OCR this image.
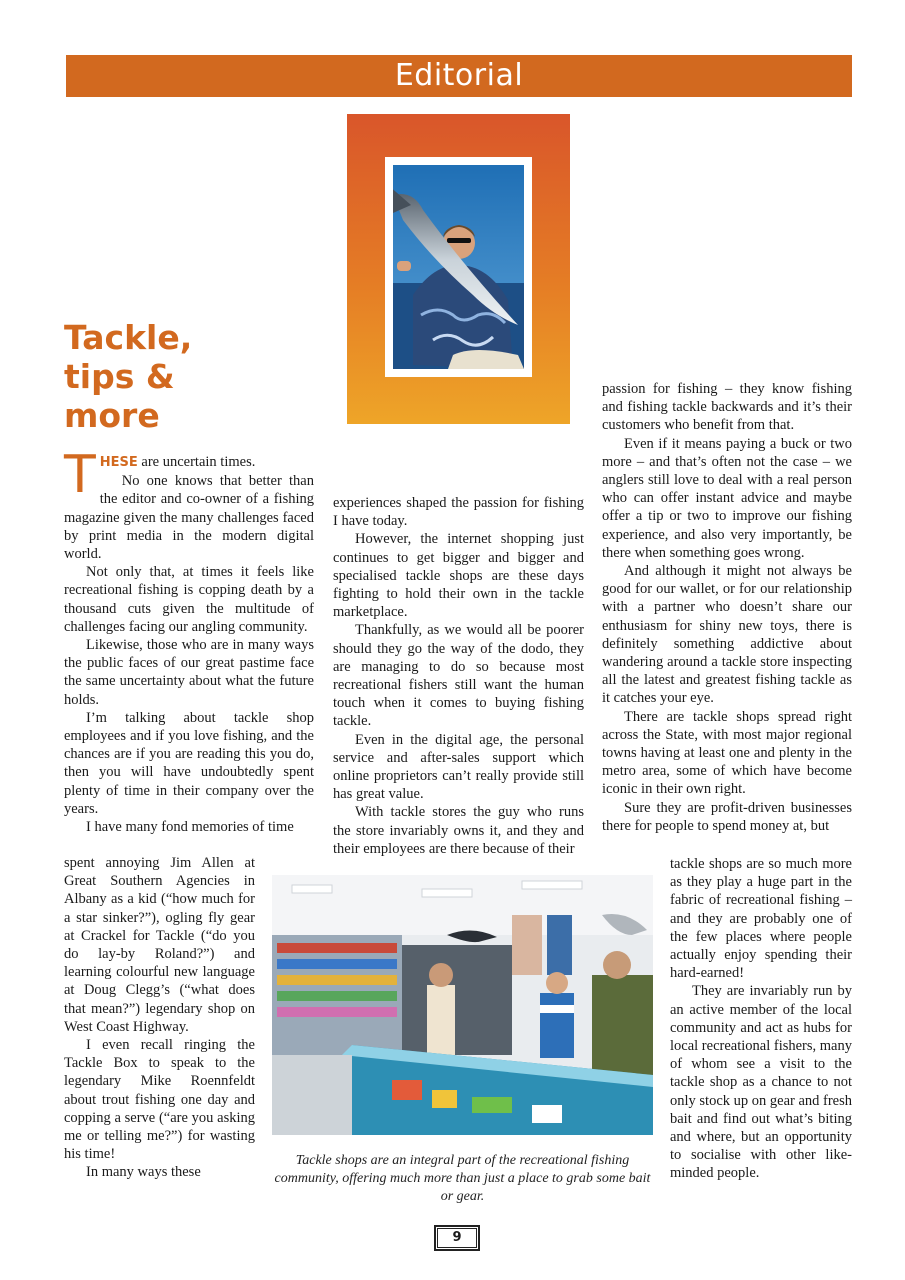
Editorial
Tackle,
tips &
more

THESE are uncertain times.

No one knows that better than the editor and co-owner of a fishing magazine given the many challenges faced by print media in the modern digital world.

Not only that, at times it feels like recreational fishing is copping death by a thousand cuts given the multitude of challenges facing our angling community.

Likewise, those who are in many ways the public faces of our great pastime face the same uncertainty about what the future holds.

I’m talking about tackle shop employees and if you love fishing, and the chances are if you are reading this you do, then you will have undoubtedly spent plenty of time in their company over the years.

I have many fond memories of time

spent annoying Jim Allen at Great Southern Agencies in Albany as a kid (“how much for a star sinker?”), ogling fly gear at Crackel for Tackle (“do you do lay-by Roland?”) and learning colourful new language at Doug Clegg’s (“what does that mean?”) legendary shop on West Coast Highway.

I even recall ringing the Tackle Box to speak to the legendary Mike Roennfeldt about trout fishing one day and copping a serve (“are you asking me or telling me?”) for wasting his time!

In many ways these

experiences shaped the passion for fishing I have today.

However, the internet shopping just continues to get bigger and bigger and specialised tackle shops are these days fighting to hold their own in the tackle marketplace.

Thankfully, as we would all be poorer should they go the way of the dodo, they are managing to do so because most recreational fishers still want the human touch when it comes to buying fishing tackle.

Even in the digital age, the personal service and after-sales support which online proprietors can’t really provide still has great value.

With tackle stores the guy who runs the store invariably owns it, and they and their employees are there because of their

passion for fishing – they know fishing and fishing tackle backwards and it’s their customers who benefit from that.

Even if it means paying a buck or two more – and that’s often not the case – we anglers still love to deal with a real person who can offer instant advice and maybe offer a tip or two to improve our fishing experience, and also very importantly, be there when something goes wrong.

And although it might not always be good for our wallet, or for our relationship with a partner who doesn’t share our enthusiasm for shiny new toys, there is definitely something addictive about wandering around a tackle store inspecting all the latest and greatest fishing tackle as it catches your eye.

There are tackle shops spread right across the State, with most major regional towns having at least one and plenty in the metro area, some of which have become iconic in their own right.

Sure they are profit-driven businesses there for people to spend money at, but

tackle shops are so much more as they play a huge part in the fabric of recreational fishing – and they are probably one of the few places where people actually enjoy spending their hard-earned!

They are invariably run by an active member of the local community and act as hubs for local recreational fishers, many of whom see a visit to the tackle shop as a chance to not only stock up on gear and fresh bait and find out what’s biting and where, but an opportunity to socialise with other like-minded people.

Tackle shops are an integral part of the recreational fishing community, offering much more than just a place to grab some bait or gear.
9
